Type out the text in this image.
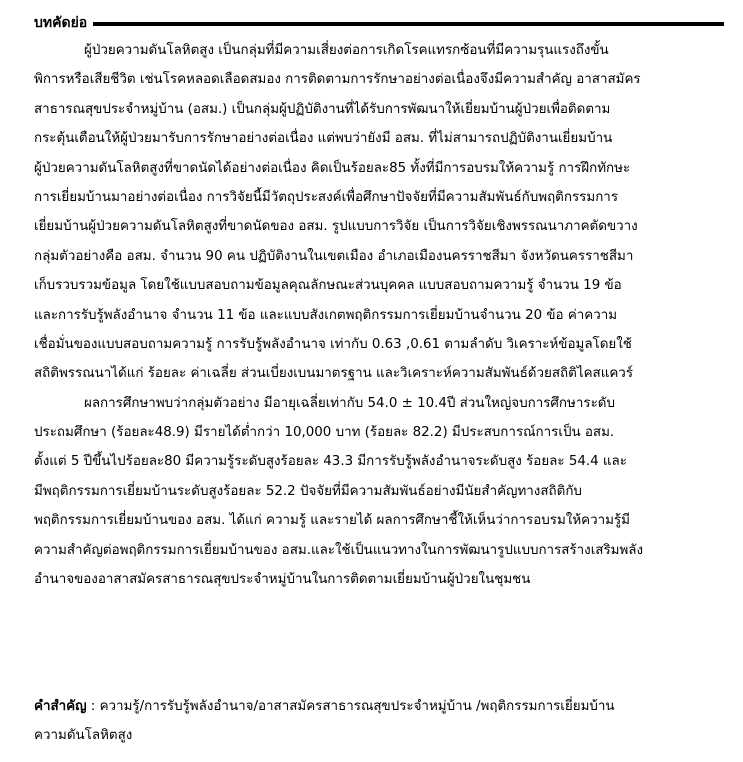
บทคัดย่อ
ผู้ป่วยความดันโลหิตสูง เป็นกลุ่มที่มีความเสี่ยงต่อการเกิดโรคแทรกซ้อนที่มีความรุนแรงถึงขั้น
พิการหรือเสียชีวิต เช่นโรคหลอดเลือดสมอง การติดตามการรักษาอย่างต่อเนื่องจึงมีความสำคัญ อาสาสมัคร
สาธารณสุขประจำหมู่บ้าน (อสม.) เป็นกลุ่มผู้ปฏิบัติงานที่ได้รับการพัฒนาให้เยี่ยมบ้านผู้ป่วยเพื่อติดตาม
กระตุ้นเตือนให้ผู้ป่วยมารับการรักษาอย่างต่อเนื่อง แต่พบว่ายังมี อสม. ที่ไม่สามารถปฏิบัติงานเยี่ยมบ้าน
ผู้ป่วยความดันโลหิตสูงที่ขาดนัดได้อย่างต่อเนื่อง คิดเป็นร้อยละ85 ทั้งที่มีการอบรมให้ความรู้ การฝึกทักษะ
การเยี่ยมบ้านมาอย่างต่อเนื่อง การวิจัยนี้มีวัตถุประสงค์เพื่อศึกษาปัจจัยที่มีความสัมพันธ์กับพฤติกรรมการ
เยี่ยมบ้านผู้ป่วยความดันโลหิตสูงที่ขาดนัดของ อสม. รูปแบบการวิจัย เป็นการวิจัยเชิงพรรณนาภาคตัดขวาง
กลุ่มตัวอย่างคือ อสม. จำนวน 90 คน ปฏิบัติงานในเขตเมือง อำเภอเมืองนครราชสีมา จังหวัดนครราชสีมา
เก็บรวบรวมข้อมูล โดยใช้แบบสอบถามข้อมูลคุณลักษณะส่วนบุคคล แบบสอบถามความรู้ จำนวน 19 ข้อ
และการรับรู้พลังอำนาจ จำนวน 11 ข้อ และแบบสังเกตพฤติกรรมการเยี่ยมบ้านจำนวน 20 ข้อ ค่าความ
เชื่อมั่นของแบบสอบถามความรู้ การรับรู้พลังอำนาจ เท่ากับ 0.63 ,0.61 ตามลำดับ วิเคราะห์ข้อมูลโดยใช้
สถิติพรรณนาได้แก่ ร้อยละ ค่าเฉลี่ย ส่วนเบี่ยงเบนมาตรฐาน และวิเคราะห์ความสัมพันธ์ด้วยสถิติไคสแควร์
ผลการศึกษาพบว่ากลุ่มตัวอย่าง มีอายุเฉลี่ยเท่ากับ 54.0 ± 10.4ปี ส่วนใหญ่จบการศึกษาระดับ
ประถมศึกษา (ร้อยละ48.9) มีรายได้ต่ำกว่า 10,000 บาท (ร้อยละ 82.2) มีประสบการณ์การเป็น อสม.
ตั้งแต่ 5 ปีขึ้นไปร้อยละ80 มีความรู้ระดับสูงร้อยละ 43.3 มีการรับรู้พลังอำนาจระดับสูง ร้อยละ 54.4 และ
มีพฤติกรรมการเยี่ยมบ้านระดับสูงร้อยละ 52.2 ปัจจัยที่มีความสัมพันธ์อย่างมีนัยสำคัญทางสถิติกับ
พฤติกรรมการเยี่ยมบ้านของ อสม. ได้แก่ ความรู้ และรายได้ ผลการศึกษาชี้ให้เห็นว่าการอบรมให้ความรู้มี
ความสำคัญต่อพฤติกรรมการเยี่ยมบ้านของ อสม.และใช้เป็นแนวทางในการพัฒนารูปแบบการสร้างเสริมพลัง
อำนาจของอาสาสมัครสาธารณสุขประจำหมู่บ้านในการติดตามเยี่ยมบ้านผู้ป่วยในชุมชน
คำสำคัญ : ความรู้/การรับรู้พลังอำนาจ/อาสาสมัครสาธารณสุขประจำหมู่บ้าน /พฤติกรรมการเยี่ยมบ้าน
ความดันโลหิตสูง
